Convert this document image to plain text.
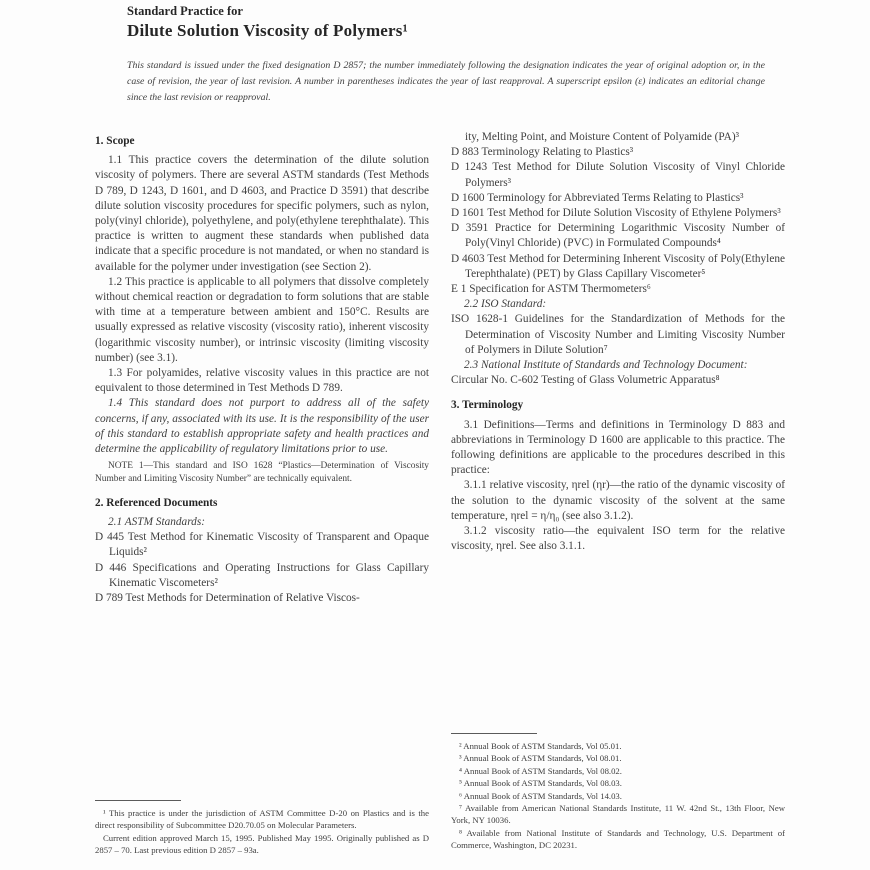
Standard Practice for
Dilute Solution Viscosity of Polymers¹

This standard is issued under the fixed designation D 2857; the number immediately following the designation indicates the year of original adoption or, in the case of revision, the year of last revision. A number in parentheses indicates the year of last reapproval. A superscript epsilon (ε) indicates an editorial change since the last revision or reapproval.

1. Scope
1.1 This practice covers the determination of the dilute solution viscosity of polymers. There are several ASTM standards (Test Methods D 789, D 1243, D 1601, and D 4603, and Practice D 3591) that describe dilute solution viscosity procedures for specific polymers, such as nylon, poly(vinyl chloride), polyethylene, and poly(ethylene terephthalate). This practice is written to augment these standards when published data indicate that a specific procedure is not mandated, or when no standard is available for the polymer under investigation (see Section 2).
1.2 This practice is applicable to all polymers that dissolve completely without chemical reaction or degradation to form solutions that are stable with time at a temperature between ambient and 150°C. Results are usually expressed as relative viscosity (viscosity ratio), inherent viscosity (logarithmic viscosity number), or intrinsic viscosity (limiting viscosity number) (see 3.1).
1.3 For polyamides, relative viscosity values in this practice are not equivalent to those determined in Test Methods D 789.
1.4 This standard does not purport to address all of the safety concerns, if any, associated with its use. It is the responsibility of the user of this standard to establish appropriate safety and health practices and determine the applicability of regulatory limitations prior to use.
NOTE 1—This standard and ISO 1628 “Plastics—Determination of Viscosity Number and Limiting Viscosity Number” are technically equivalent.
2. Referenced Documents
2.1 ASTM Standards:
D 445 Test Method for Kinematic Viscosity of Transparent and Opaque Liquids²
D 446 Specifications and Operating Instructions for Glass Capillary Kinematic Viscometers²
D 789 Test Methods for Determination of Relative Viscos-
ity, Melting Point, and Moisture Content of Polyamide (PA)³
D 883 Terminology Relating to Plastics³
D 1243 Test Method for Dilute Solution Viscosity of Vinyl Chloride Polymers³
D 1600 Terminology for Abbreviated Terms Relating to Plastics³
D 1601 Test Method for Dilute Solution Viscosity of Ethylene Polymers³
D 3591 Practice for Determining Logarithmic Viscosity Number of Poly(Vinyl Chloride) (PVC) in Formulated Compounds⁴
D 4603 Test Method for Determining Inherent Viscosity of Poly(Ethylene Terephthalate) (PET) by Glass Capillary Viscometer⁵
E 1 Specification for ASTM Thermometers⁶
2.2 ISO Standard:
ISO 1628-1 Guidelines for the Standardization of Methods for the Determination of Viscosity Number and Limiting Viscosity Number of Polymers in Dilute Solution⁷
2.3 National Institute of Standards and Technology Document:
Circular No. C-602 Testing of Glass Volumetric Apparatus⁸
3. Terminology
3.1 Definitions—Terms and definitions in Terminology D 883 and abbreviations in Terminology D 1600 are applicable to this practice. The following definitions are applicable to the procedures described in this practice:
3.1.1 relative viscosity, ηrel (ηr)—the ratio of the dynamic viscosity of the solution to the dynamic viscosity of the solvent at the same temperature, ηrel = η/η₀ (see also 3.1.2).
3.1.2 viscosity ratio—the equivalent ISO term for the relative viscosity, ηrel. See also 3.1.1.

¹ This practice is under the jurisdiction of ASTM Committee D-20 on Plastics and is the direct responsibility of Subcommittee D20.70.05 on Molecular Parameters.

Current edition approved March 15, 1995. Published May 1995. Originally published as D 2857 – 70. Last previous edition D 2857 – 93a.

² Annual Book of ASTM Standards, Vol 05.01.

³ Annual Book of ASTM Standards, Vol 08.01.

⁴ Annual Book of ASTM Standards, Vol 08.02.

⁵ Annual Book of ASTM Standards, Vol 08.03.

⁶ Annual Book of ASTM Standards, Vol 14.03.

⁷ Available from American National Standards Institute, 11 W. 42nd St., 13th Floor, New York, NY 10036.

⁸ Available from National Institute of Standards and Technology, U.S. Department of Commerce, Washington, DC 20231.
